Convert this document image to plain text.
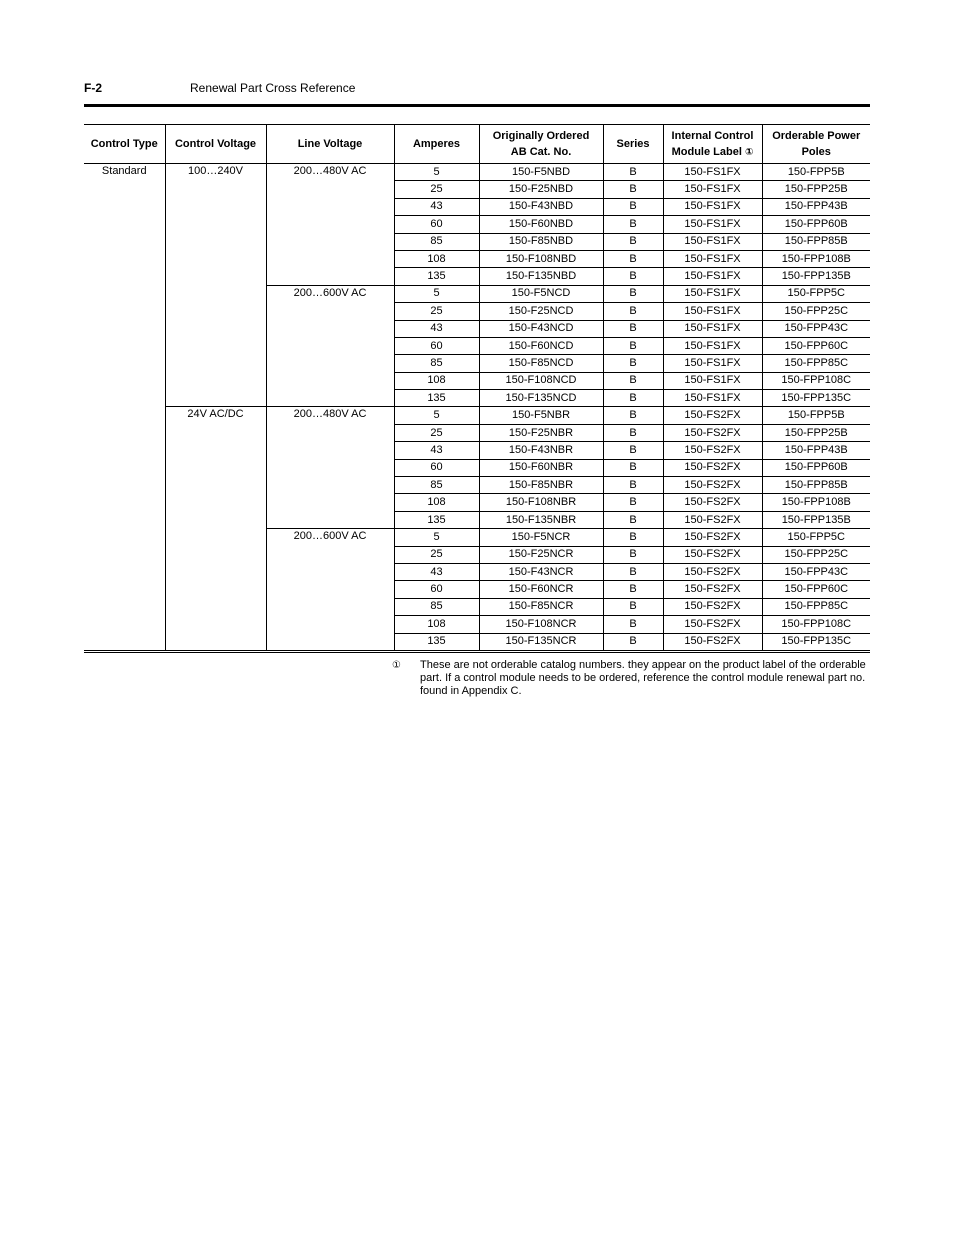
F-2	Renewal Part Cross Reference
Control Type	Control Voltage	Line Voltage	Amperes	Originally Ordered AB Cat. No.	Series	Internal Control Module Label ①	Orderable Power Poles
Standard	100…240V	200…480V AC	5	150-F5NBD	B	150-FS1FX	150-FPP5B
			25	150-F25NBD	B	150-FS1FX	150-FPP25B
			43	150-F43NBD	B	150-FS1FX	150-FPP43B
			60	150-F60NBD	B	150-FS1FX	150-FPP60B
			85	150-F85NBD	B	150-FS1FX	150-FPP85B
			108	150-F108NBD	B	150-FS1FX	150-FPP108B
			135	150-F135NBD	B	150-FS1FX	150-FPP135B
		200…600V AC	5	150-F5NCD	B	150-FS1FX	150-FPP5C
			25	150-F25NCD	B	150-FS1FX	150-FPP25C
			43	150-F43NCD	B	150-FS1FX	150-FPP43C
			60	150-F60NCD	B	150-FS1FX	150-FPP60C
			85	150-F85NCD	B	150-FS1FX	150-FPP85C
			108	150-F108NCD	B	150-FS1FX	150-FPP108C
			135	150-F135NCD	B	150-FS1FX	150-FPP135C
	24V AC/DC	200…480V AC	5	150-F5NBR	B	150-FS2FX	150-FPP5B
			25	150-F25NBR	B	150-FS2FX	150-FPP25B
			43	150-F43NBR	B	150-FS2FX	150-FPP43B
			60	150-F60NBR	B	150-FS2FX	150-FPP60B
			85	150-F85NBR	B	150-FS2FX	150-FPP85B
			108	150-F108NBR	B	150-FS2FX	150-FPP108B
			135	150-F135NBR	B	150-FS2FX	150-FPP135B
		200…600V AC	5	150-F5NCR	B	150-FS2FX	150-FPP5C
			25	150-F25NCR	B	150-FS2FX	150-FPP25C
			43	150-F43NCR	B	150-FS2FX	150-FPP43C
			60	150-F60NCR	B	150-FS2FX	150-FPP60C
			85	150-F85NCR	B	150-FS2FX	150-FPP85C
			108	150-F108NCR	B	150-FS2FX	150-FPP108C
			135	150-F135NCR	B	150-FS2FX	150-FPP135C
① These are not orderable catalog numbers. they appear on the product label of the orderable part. If a control module needs to be ordered, reference the control module renewal part no. found in Appendix C.
